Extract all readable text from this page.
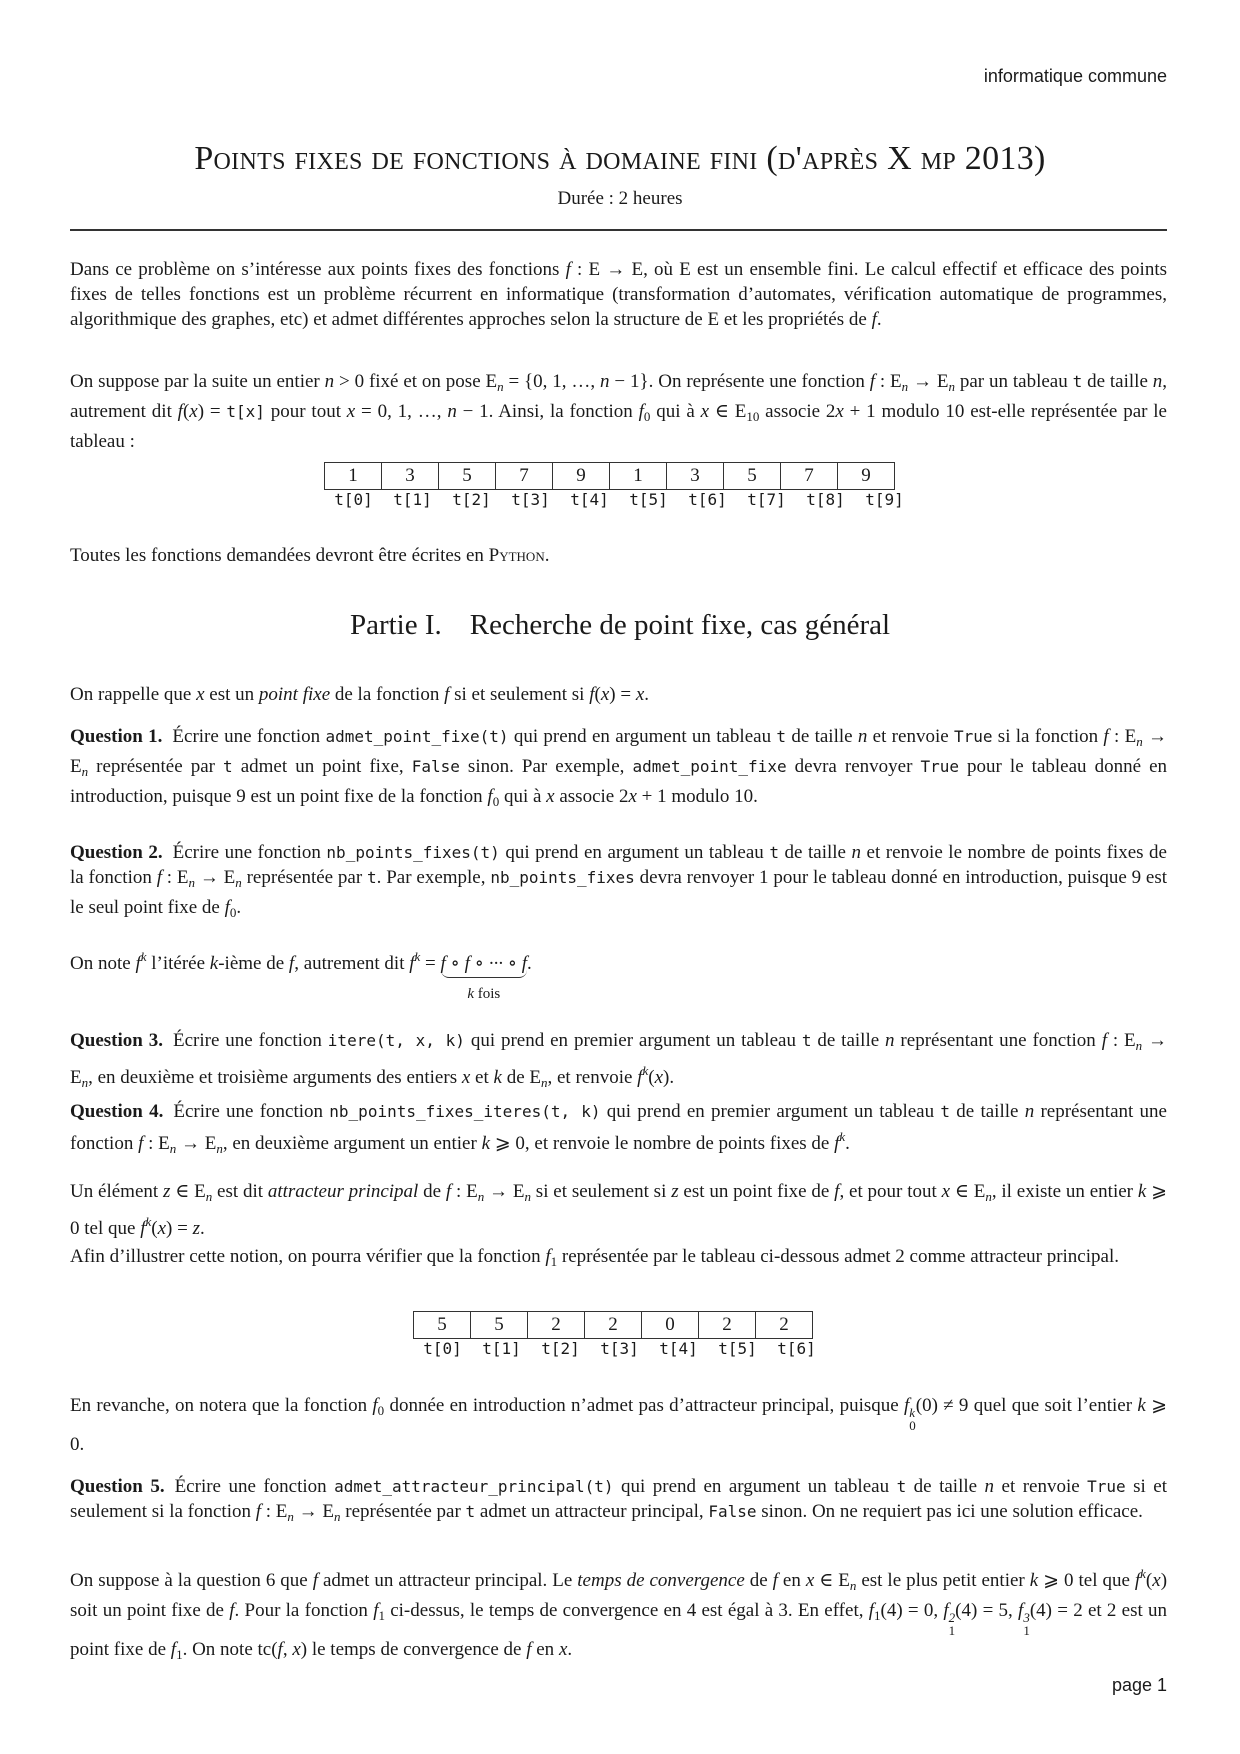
informatique commune
Points fixes de fonctions à domaine fini (d'après X mp 2013)
Durée : 2 heures
Dans ce problème on s’intéresse aux points fixes des fonctions f : E → E, où E est un ensemble fini. Le calcul effectif et efficace des points fixes de telles fonctions est un problème récurrent en informatique (transformation d’automates, vérification automatique de programmes, algorithmique des graphes, etc) et admet différentes approches selon la structure de E et les propriétés de f.
On suppose par la suite un entier n > 0 fixé et on pose $E_n = \{0$, 1, …, n − 1}. On représente une fonction f : $E_n \to E_n$ par un tableau t de taille n, autrement dit f(x) = t[x] pour tout x = 0, 1, …, n − 1. Ainsi, la fonction $f_0$ qui à x ∈ $E_{10}$ associe 2x + 1 modulo 10 est-elle représentée par le tableau :
1	3	5	7	9	1	3	5	7	9
t[0]	t[1]	t[2]	t[3]	t[4]	t[5]	t[6]	t[7]	t[8]	t[9]
Toutes les fonctions demandées devront être écrites en Python.
Partie I. Recherche de point fixe, cas général
On rappelle que x est un point fixe de la fonction f si et seulement si f(x) = x.
Question 1. Écrire une fonction admet_point_fixe(t) qui prend en argument un tableau t de taille n et renvoie True si la fonction f : $E_n \to E_n$ représentée par t admet un point fixe, False sinon. Par exemple, admet_point_fixe devra renvoyer True pour le tableau donné en introduction, puisque 9 est un point fixe de la fonction $f_0$ qui à x associe 2x + 1 modulo 10.
Question 2. Écrire une fonction nb_points_fixes(t) qui prend en argument un tableau t de taille n et renvoie le nombre de points fixes de la fonction f : $E_n \to E_n$ représentée par t. Par exemple, nb_points_fixes devra renvoyer 1 pour le tableau donné en introduction, puisque 9 est le seul point fixe de $f_0$.
On note $f^k$ l’itérée k-ième de f, autrement dit $f^k = f$ ∘ f ∘ ··· ∘ f
k fois
.
Question 3. Écrire une fonction itere(t, x, k) qui prend en premier argument un tableau t de taille n représentant une fonction f : $E_n \to E_n$, en deuxième et troisième arguments des entiers x et k de $E_n$, et renvoie $f^k(x)$.
Question 4. Écrire une fonction nb_points_fixes_iteres(t, k) qui prend en premier argument un tableau t de taille n représentant une fonction f : $E_n \to E_n$, en deuxième argument un entier k ⩾ 0, et renvoie le nombre de points fixes de $f^k$.
Un élément z ∈ $E_n$ est dit attracteur principal de f : $E_n \to E_n$ si et seulement si z est un point fixe de f, et pour tout x ∈ $E_n$, il existe un entier k ⩾ 0 tel que $f^k(x) = z$.
Afin d’illustrer cette notion, on pourra vérifier que la fonction $f_1$ représentée par le tableau ci-dessous admet 2 comme attracteur principal.
5	5	2	2	0	2	2
t[0]	t[1]	t[2]	t[3]	t[4]	t[5]	t[6]
En revanche, on notera que la fonction $f_0$ donnée en introduction n’admet pas d’attracteur principal, puisque f k
0
(0) ≠ 9 quel que soit l’entier k ⩾ 0.
Question 5. Écrire une fonction admet_attracteur_principal(t) qui prend en argument un tableau t de taille n et renvoie True si et seulement si la fonction f : $E_n \to E_n$ représentée par t admet un attracteur principal, False sinon. On ne requiert pas ici une solution efficace.
On suppose à la question 6 que f admet un attracteur principal. Le temps de convergence de f en x ∈ $E_n$ est le plus petit entier k ⩾ 0 tel que $f^k(x)$ soit un point fixe de f. Pour la fonction $f_1$ ci-dessus, le temps de convergence en 4 est égal à 3. En effet, $f_1(4) = 0$, f 2
1
(4) = 5, f 3
1
(4) = 2 et 2 est un point fixe de $f_1$. On note tc(f, x) le temps de convergence de f en x.
page 1
